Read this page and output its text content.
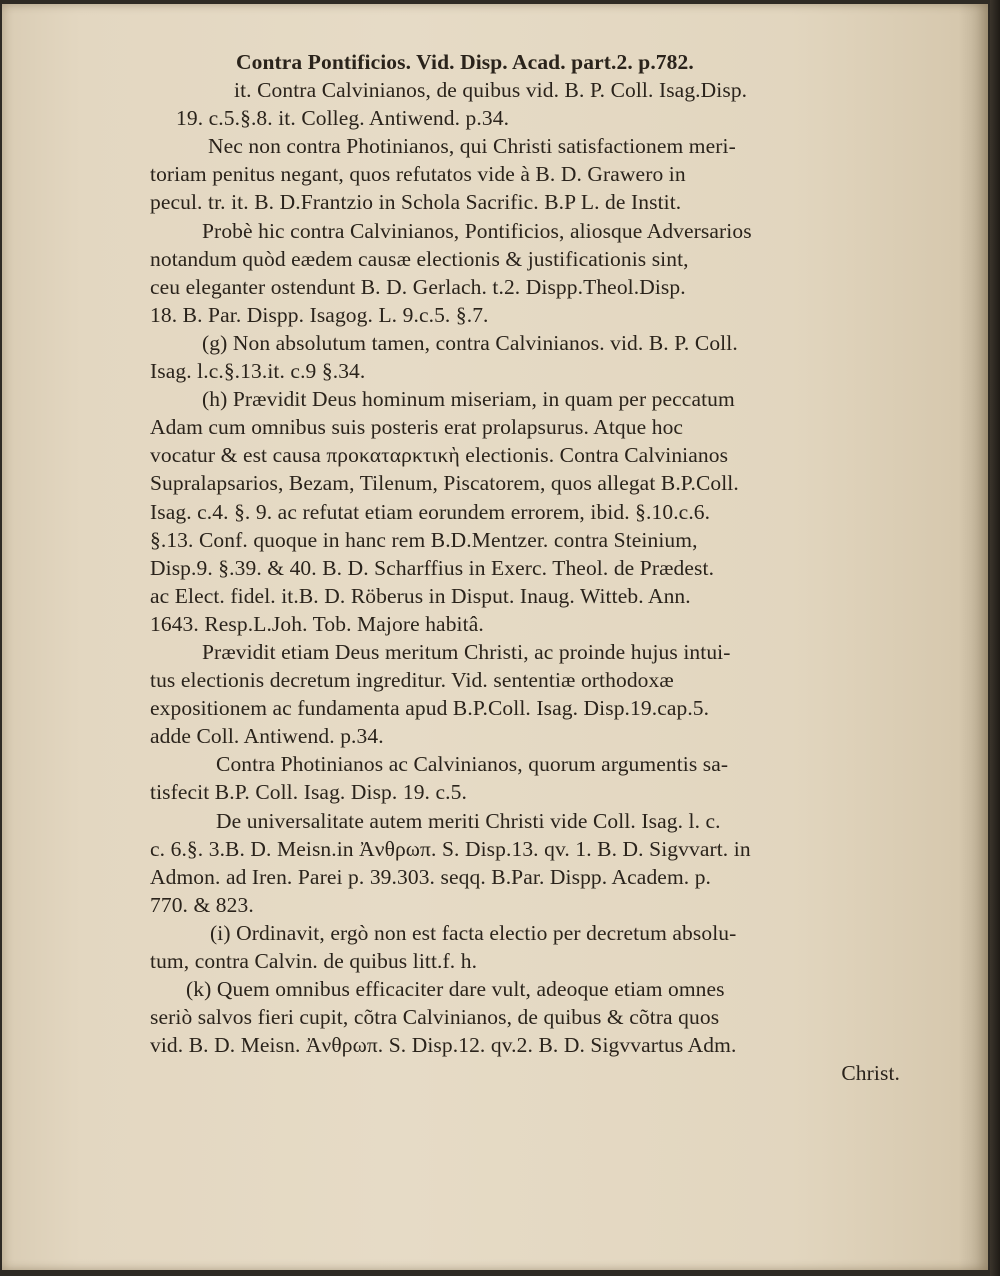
Contra Pontificios. Vid. Disp. Acad. part.2. p.782.
it. Contra Calvinianos, de quibus vid. B. P. Coll. Isag.Disp.
19. c.5.§.8. it. Colleg. Antiwend. p.34.
Nec non contra Photinianos, qui Christi satisfactionem meri-
toriam penitus negant, quos refutatos vide à B. D. Grawero in
pecul. tr. it. B. D.Frantzio in Schola Sacrific. B.P L. de Instit.
Probè hic contra Calvinianos, Pontificios, aliosque Adversarios
notandum quòd eædem causæ electionis & justificationis sint,
ceu eleganter ostendunt B. D. Gerlach. t.2. Dispp.Theol.Disp.
18. B. Par. Dispp. Isagog. L. 9.c.5. §.7.
(g) Non absolutum tamen, contra Calvinianos. vid. B. P. Coll.
Isag. l.c.§.13.it. c.9 §.34.
(h) Prævidit Deus hominum miseriam, in quam per peccatum
Adam cum omnibus suis posteris erat prolapsurus. Atque hoc
vocatur & est causa προκαταρκτικὴ electionis. Contra Calvinianos
Supralapsarios, Bezam, Tilenum, Piscatorem, quos allegat B.P.Coll.
Isag. c.4. §. 9. ac refutat etiam eorundem errorem, ibid. §.10.c.6.
§.13. Conf. quoque in hanc rem B.D.Mentzer. contra Steinium,
Disp.9. §.39. & 40. B. D. Scharffius in Exerc. Theol. de Prædest.
ac Elect. fidel. it.B. D. Röberus in Disput. Inaug. Witteb. Ann.
1643. Resp.L.Joh. Tob. Majore habitâ.
Prævidit etiam Deus meritum Christi, ac proinde hujus intui-
tus electionis decretum ingreditur. Vid. sententiæ orthodoxæ
expositionem ac fundamenta apud B.P.Coll. Isag. Disp.19.cap.5.
adde Coll. Antiwend. p.34.
Contra Photinianos ac Calvinianos, quorum argumentis sa-
tisfecit B.P. Coll. Isag. Disp. 19. c.5.
De universalitate autem meriti Christi vide Coll. Isag. l. c.
c. 6.§. 3.B. D. Meisn.in Ἀνθρωπ. S. Disp.13. qv. 1. B. D. Sigvvart. in
Admon. ad Iren. Parei p. 39.303. seqq. B.Par. Dispp. Academ. p.
770. & 823.
(i) Ordinavit, ergò non est facta electio per decretum absolu-
tum, contra Calvin. de quibus litt.f. h.
(k) Quem omnibus efficaciter dare vult, adeoque etiam omnes
seriò salvos fieri cupit, cõtra Calvinianos, de quibus & cõtra quos
vid. B. D. Meisn. Ἀνθρωπ. S. Disp.12. qv.2. B. D. Sigvvartus Adm.
Christ.
